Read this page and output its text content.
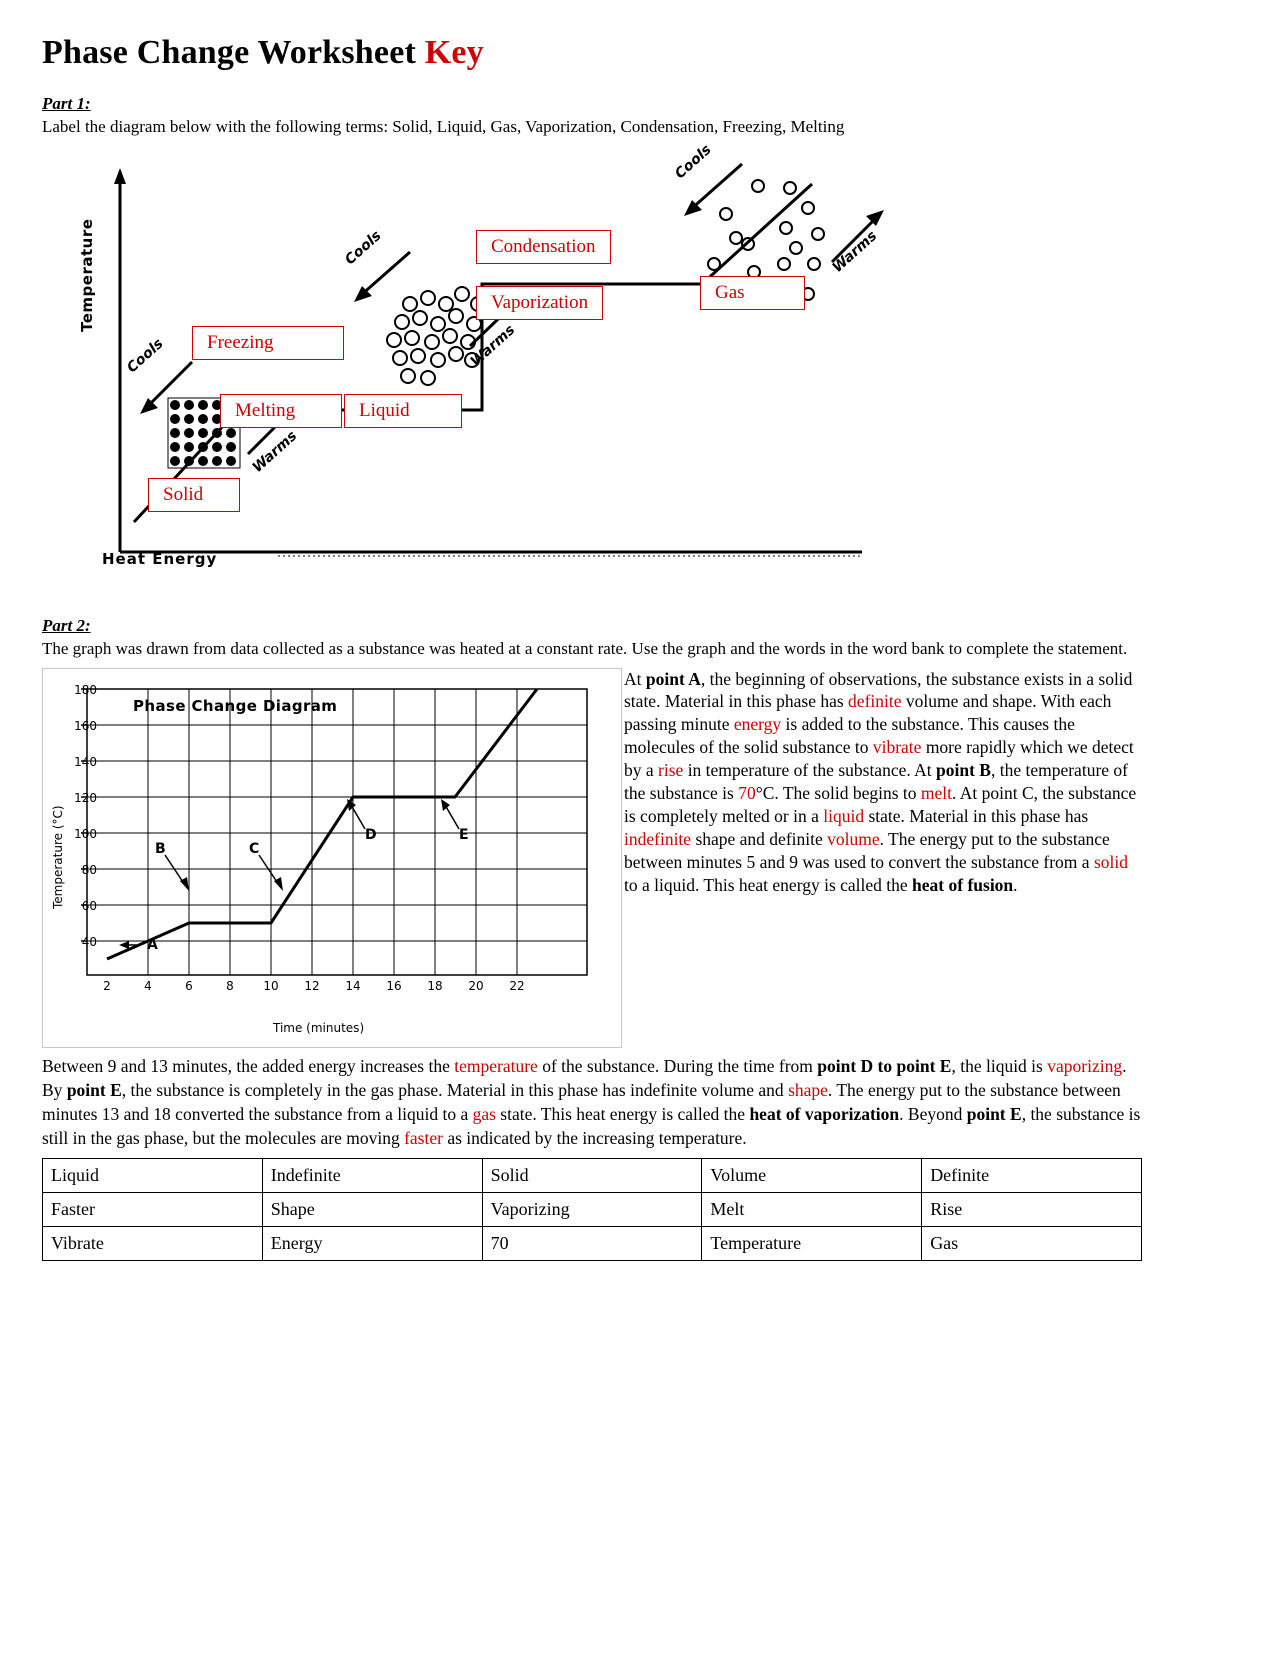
Phase Change Worksheet Key
Part 1:
Label the diagram below with the following terms: Solid, Liquid, Gas, Vaporization, Condensation, Freezing, Melting
Temperature
Heat Energy
Cools
Cools
Cools
Warms
Warms
Warms
Condensation
Vaporization	Gas
Freezing
Melting	Liquid
Solid
Part 2:
The graph was drawn from data collected as a substance was heated at a constant rate. Use the graph and the words in the word bank to complete the statement.
Phase Change Diagram
Temperature (°C)
Time (minutes)
180
160
140
120
100
80
60
40
2	4	6	8	10 12 14 16 18 20 22
A
B	C
D	E
At point A, the beginning of observations, the substance exists in a solid state. Material in this phase has definite volume and shape. With each passing minute energy is added to the substance. This causes the molecules of the solid substance to vibrate more rapidly which we detect by a rise in temperature of the substance. At point B, the temperature of the substance is 70°C. The solid begins to melt. At point C, the substance is completely melted or in a liquid state. Material in this phase has indefinite shape and definite volume. The energy put to the substance between minutes 5 and 9 was used to convert the substance from a solid to a liquid. This heat energy is called the heat of fusion.
Between 9 and 13 minutes, the added energy increases the temperature of the substance. During the time from point D to point E, the liquid is vaporizing. By point E, the substance is completely in the gas phase. Material in this phase has indefinite volume and shape. The energy put to the substance between minutes 13 and 18 converted the substance from a liquid to a gas state. This heat energy is called the heat of vaporization. Beyond point E, the substance is still in the gas phase, but the molecules are moving faster as indicated by the increasing temperature.
Liquid	Indefinite	Solid	Volume	Definite
Faster	Shape	Vaporizing	Melt	Rise
Vibrate	Energy	70	Temperature	Gas
